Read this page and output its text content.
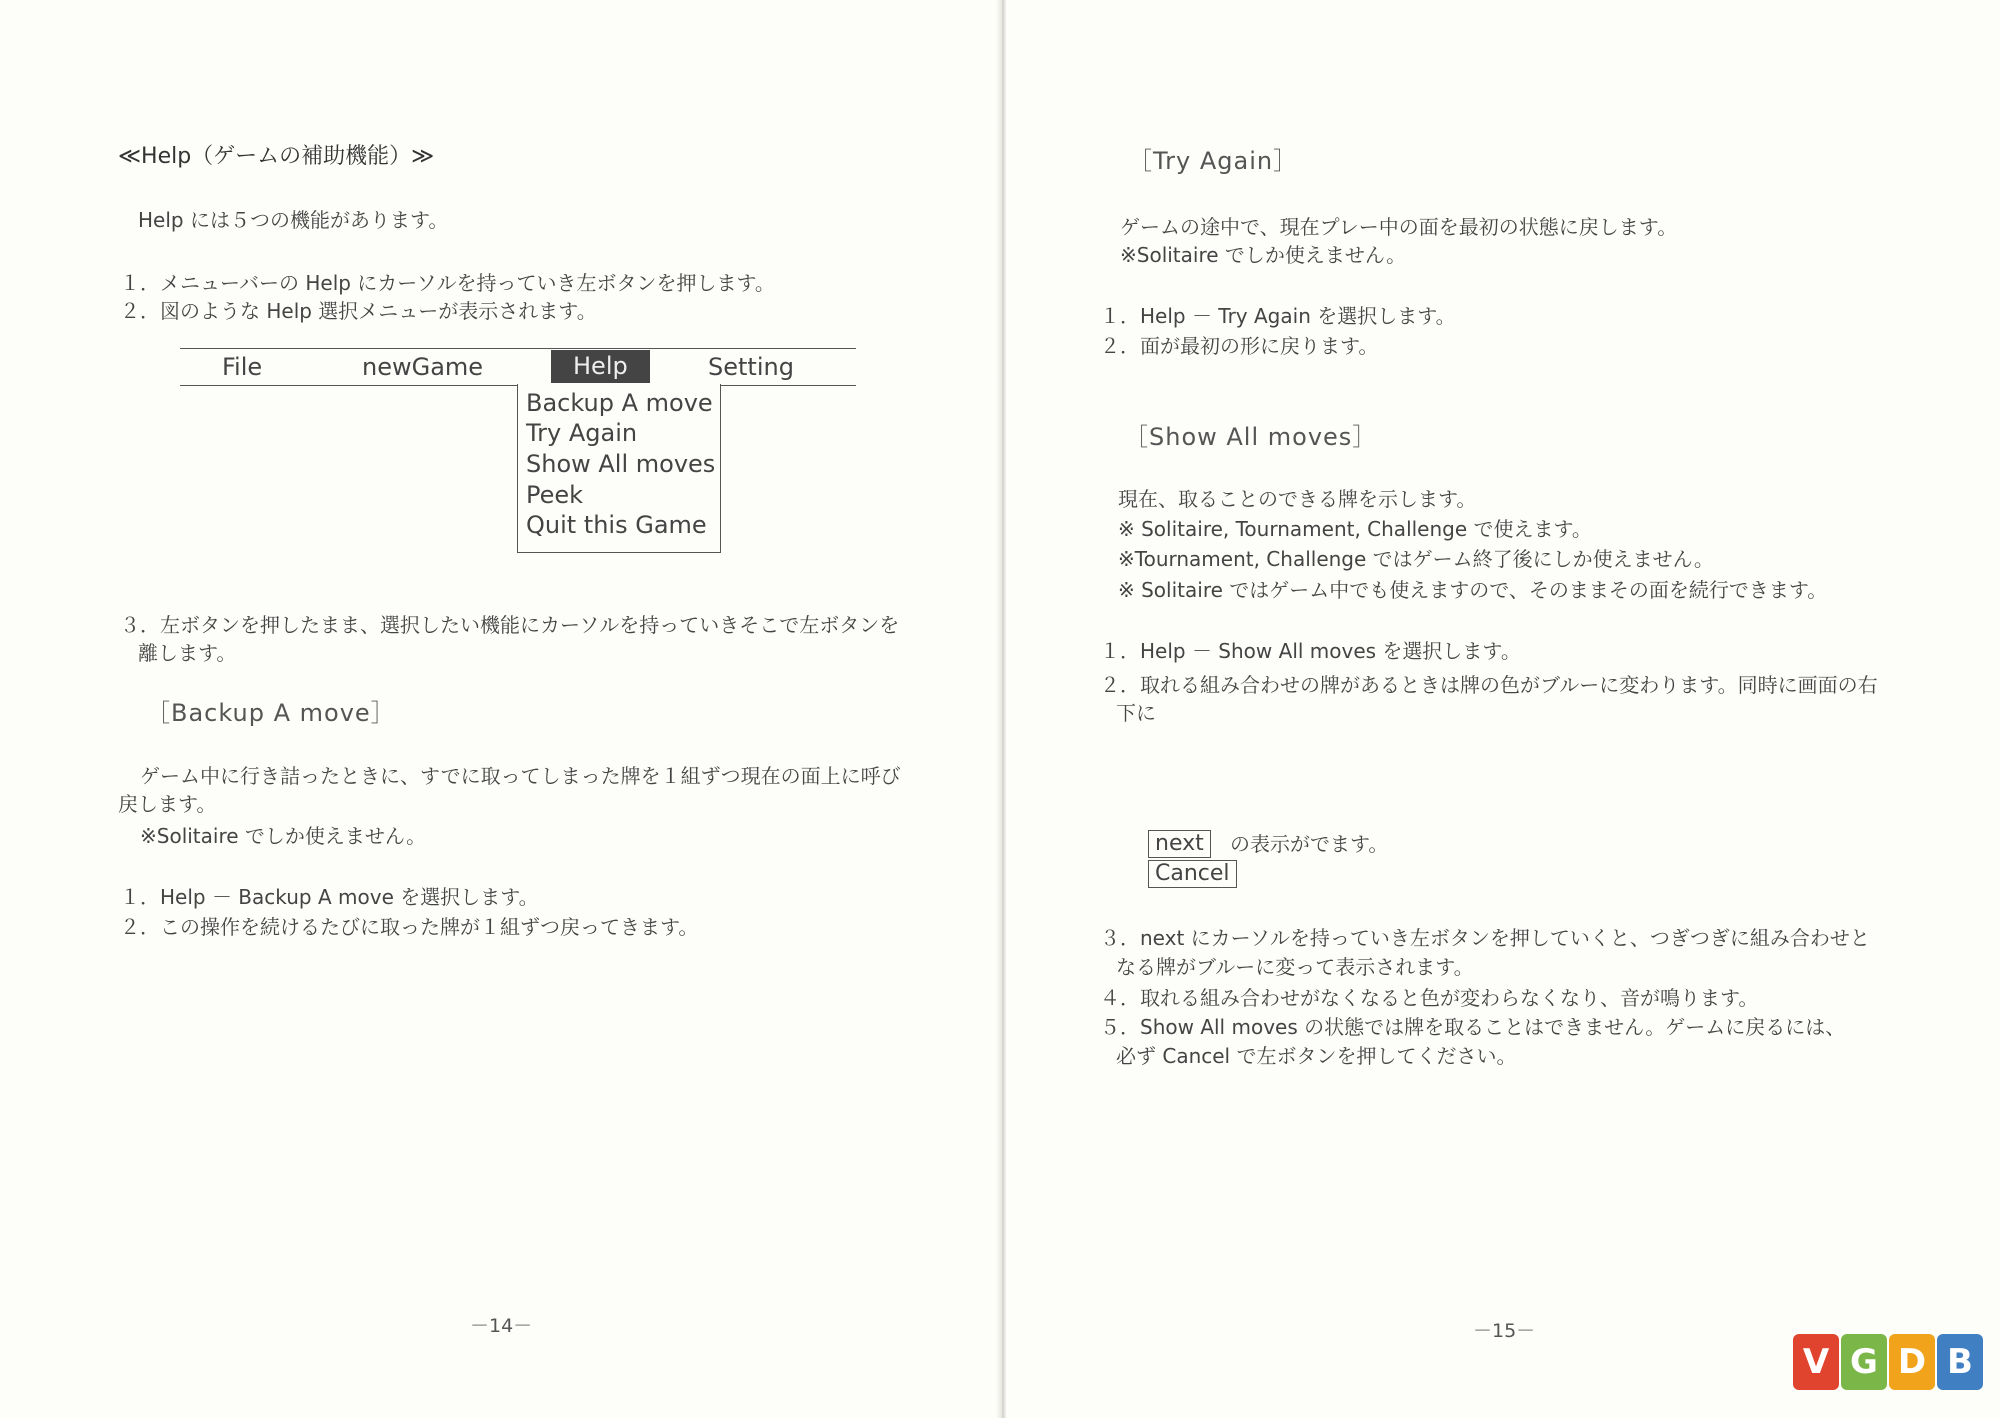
≪Help（ゲームの補助機能）≫
Help には５つの機能があります。
１．メニューバーの Help にカーソルを持っていき左ボタンを押します。
２．図のような Help 選択メニューが表示されます。
File	newGame	Help	Setting
Backup A move
Try Again
Show All moves
Peek
Quit this Game
３．左ボタンを押したまま、選択したい機能にカーソルを持っていきそこで左ボタンを
離します。
［Backup A move］
ゲーム中に行き詰ったときに、すでに取ってしまった牌を１組ずつ現在の面上に呼び
戻します。
※Solitaire でしか使えません。
１．Help － Backup A move を選択します。
２．この操作を続けるたびに取った牌が１組ずつ戻ってきます。
－14－
［Try Again］
ゲームの途中で、現在プレー中の面を最初の状態に戻します。
※Solitaire でしか使えません。
１．Help － Try Again を選択します。
２．面が最初の形に戻ります。
［Show All moves］
現在、取ることのできる牌を示します。
※ Solitaire, Tournament, Challenge で使えます。
※Tournament, Challenge ではゲーム終了後にしか使えません。
※ Solitaire ではゲーム中でも使えますので、そのままその面を続行できます。
１．Help － Show All moves を選択します。
２．取れる組み合わせの牌があるときは牌の色がブルーに変わります。同時に画面の右
下に
next	の表示がでます。
Cancel
３．next にカーソルを持っていき左ボタンを押していくと、つぎつぎに組み合わせと
なる牌がブルーに変って表示されます。
４．取れる組み合わせがなくなると色が変わらなくなり、音が鳴ります。
５．Show All moves の状態では牌を取ることはできません。ゲームに戻るには、
必ず Cancel で左ボタンを押してください。
－15－
V G D B
